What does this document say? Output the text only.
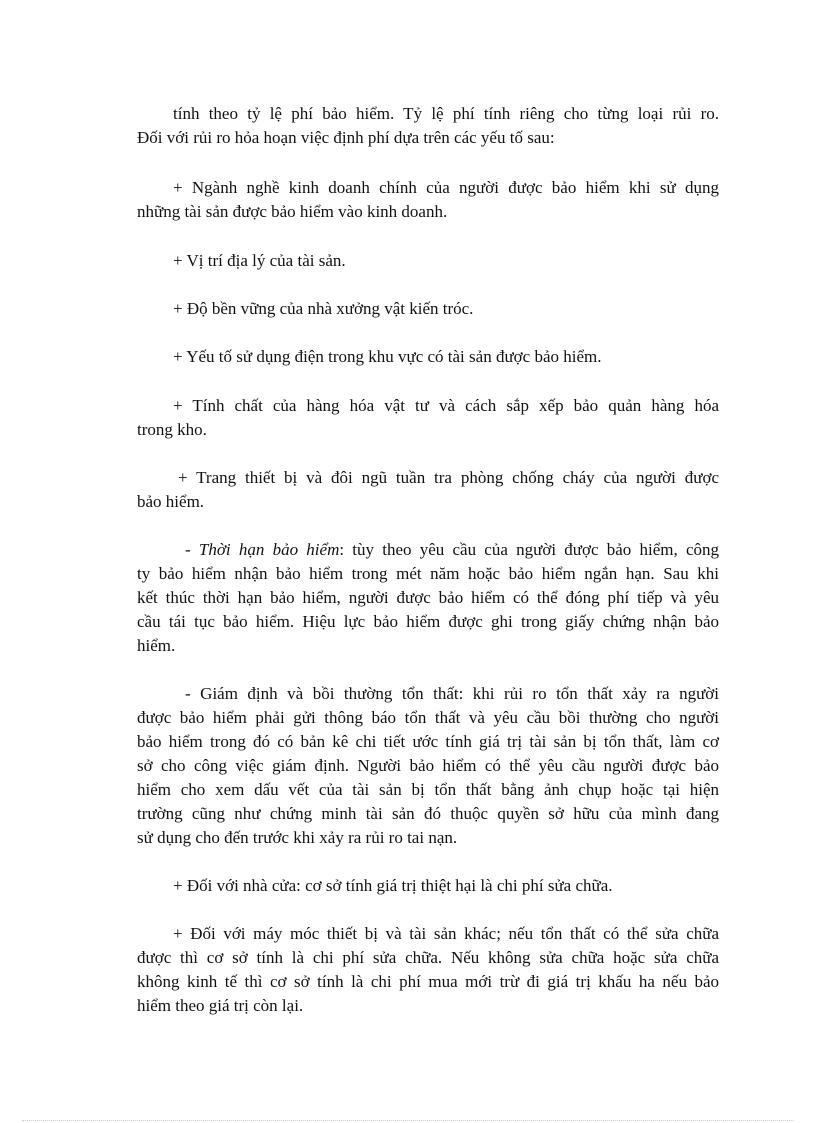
tính theo tỷ lệ phí bảo hiểm. Tỷ lệ phí tính riêng cho từng loại rủi ro.
Đối với rủi ro hỏa hoạn việc định phí dựa trên các yếu tố sau:

+ Ngành nghề kinh doanh chính của người được bảo hiểm khi sử dụng
những tài sản được bảo hiểm vào kinh doanh.

+ Vị trí địa lý của tài sản.

+ Độ bền vững của nhà xưởng vật kiến tróc.

+ Yếu tố sử dụng điện trong khu vực có tài sản được bảo hiểm.

+ Tính chất của hàng hóa vật tư và cách sắp xếp bảo quản hàng hóa
trong kho.

+ Trang thiết bị và đôi ngũ tuần tra phòng chống cháy của người được
bảo hiểm.

- Thời hạn bảo hiểm: tùy theo yêu cầu của người được bảo hiểm, công
ty bảo hiểm nhận bảo hiểm trong mét năm hoặc bảo hiểm ngắn hạn. Sau khi
kết thúc thời hạn bảo hiểm, người được bảo hiểm có thể đóng phí tiếp và yêu
cầu tái tục bảo hiểm. Hiệu lực bảo hiểm được ghi trong giấy chứng nhận bảo
hiểm.

- Giám định và bồi thường tổn thất: khi rủi ro tổn thất xảy ra người
được bảo hiểm phải gửi thông báo tổn thất và yêu cầu bồi thường cho người
bảo hiểm trong đó có bản kê chi tiết ước tính giá trị tài sản bị tổn thất, làm cơ
sở cho công việc giám định. Người bảo hiểm có thể yêu cầu người được bảo
hiểm cho xem dấu vết của tài sản bị tổn thất bằng ảnh chụp hoặc tại hiện
trường cũng như chứng minh tài sản đó thuộc quyền sở hữu của mình đang
sử dụng cho đến trước khi xảy ra rủi ro tai nạn.

+ Đối với nhà cửa: cơ sở tính giá trị thiệt hại là chi phí sửa chữa.

+ Đối với máy móc thiết bị và tài sản khác; nếu tổn thất có thể sửa chữa
được thì cơ sở tính là chi phí sửa chữa. Nếu không sửa chữa hoặc sửa chữa
không kinh tế thì cơ sở tính là chi phí mua mới trừ đi giá trị khấu ha nếu bảo
hiểm theo giá trị còn lại.
